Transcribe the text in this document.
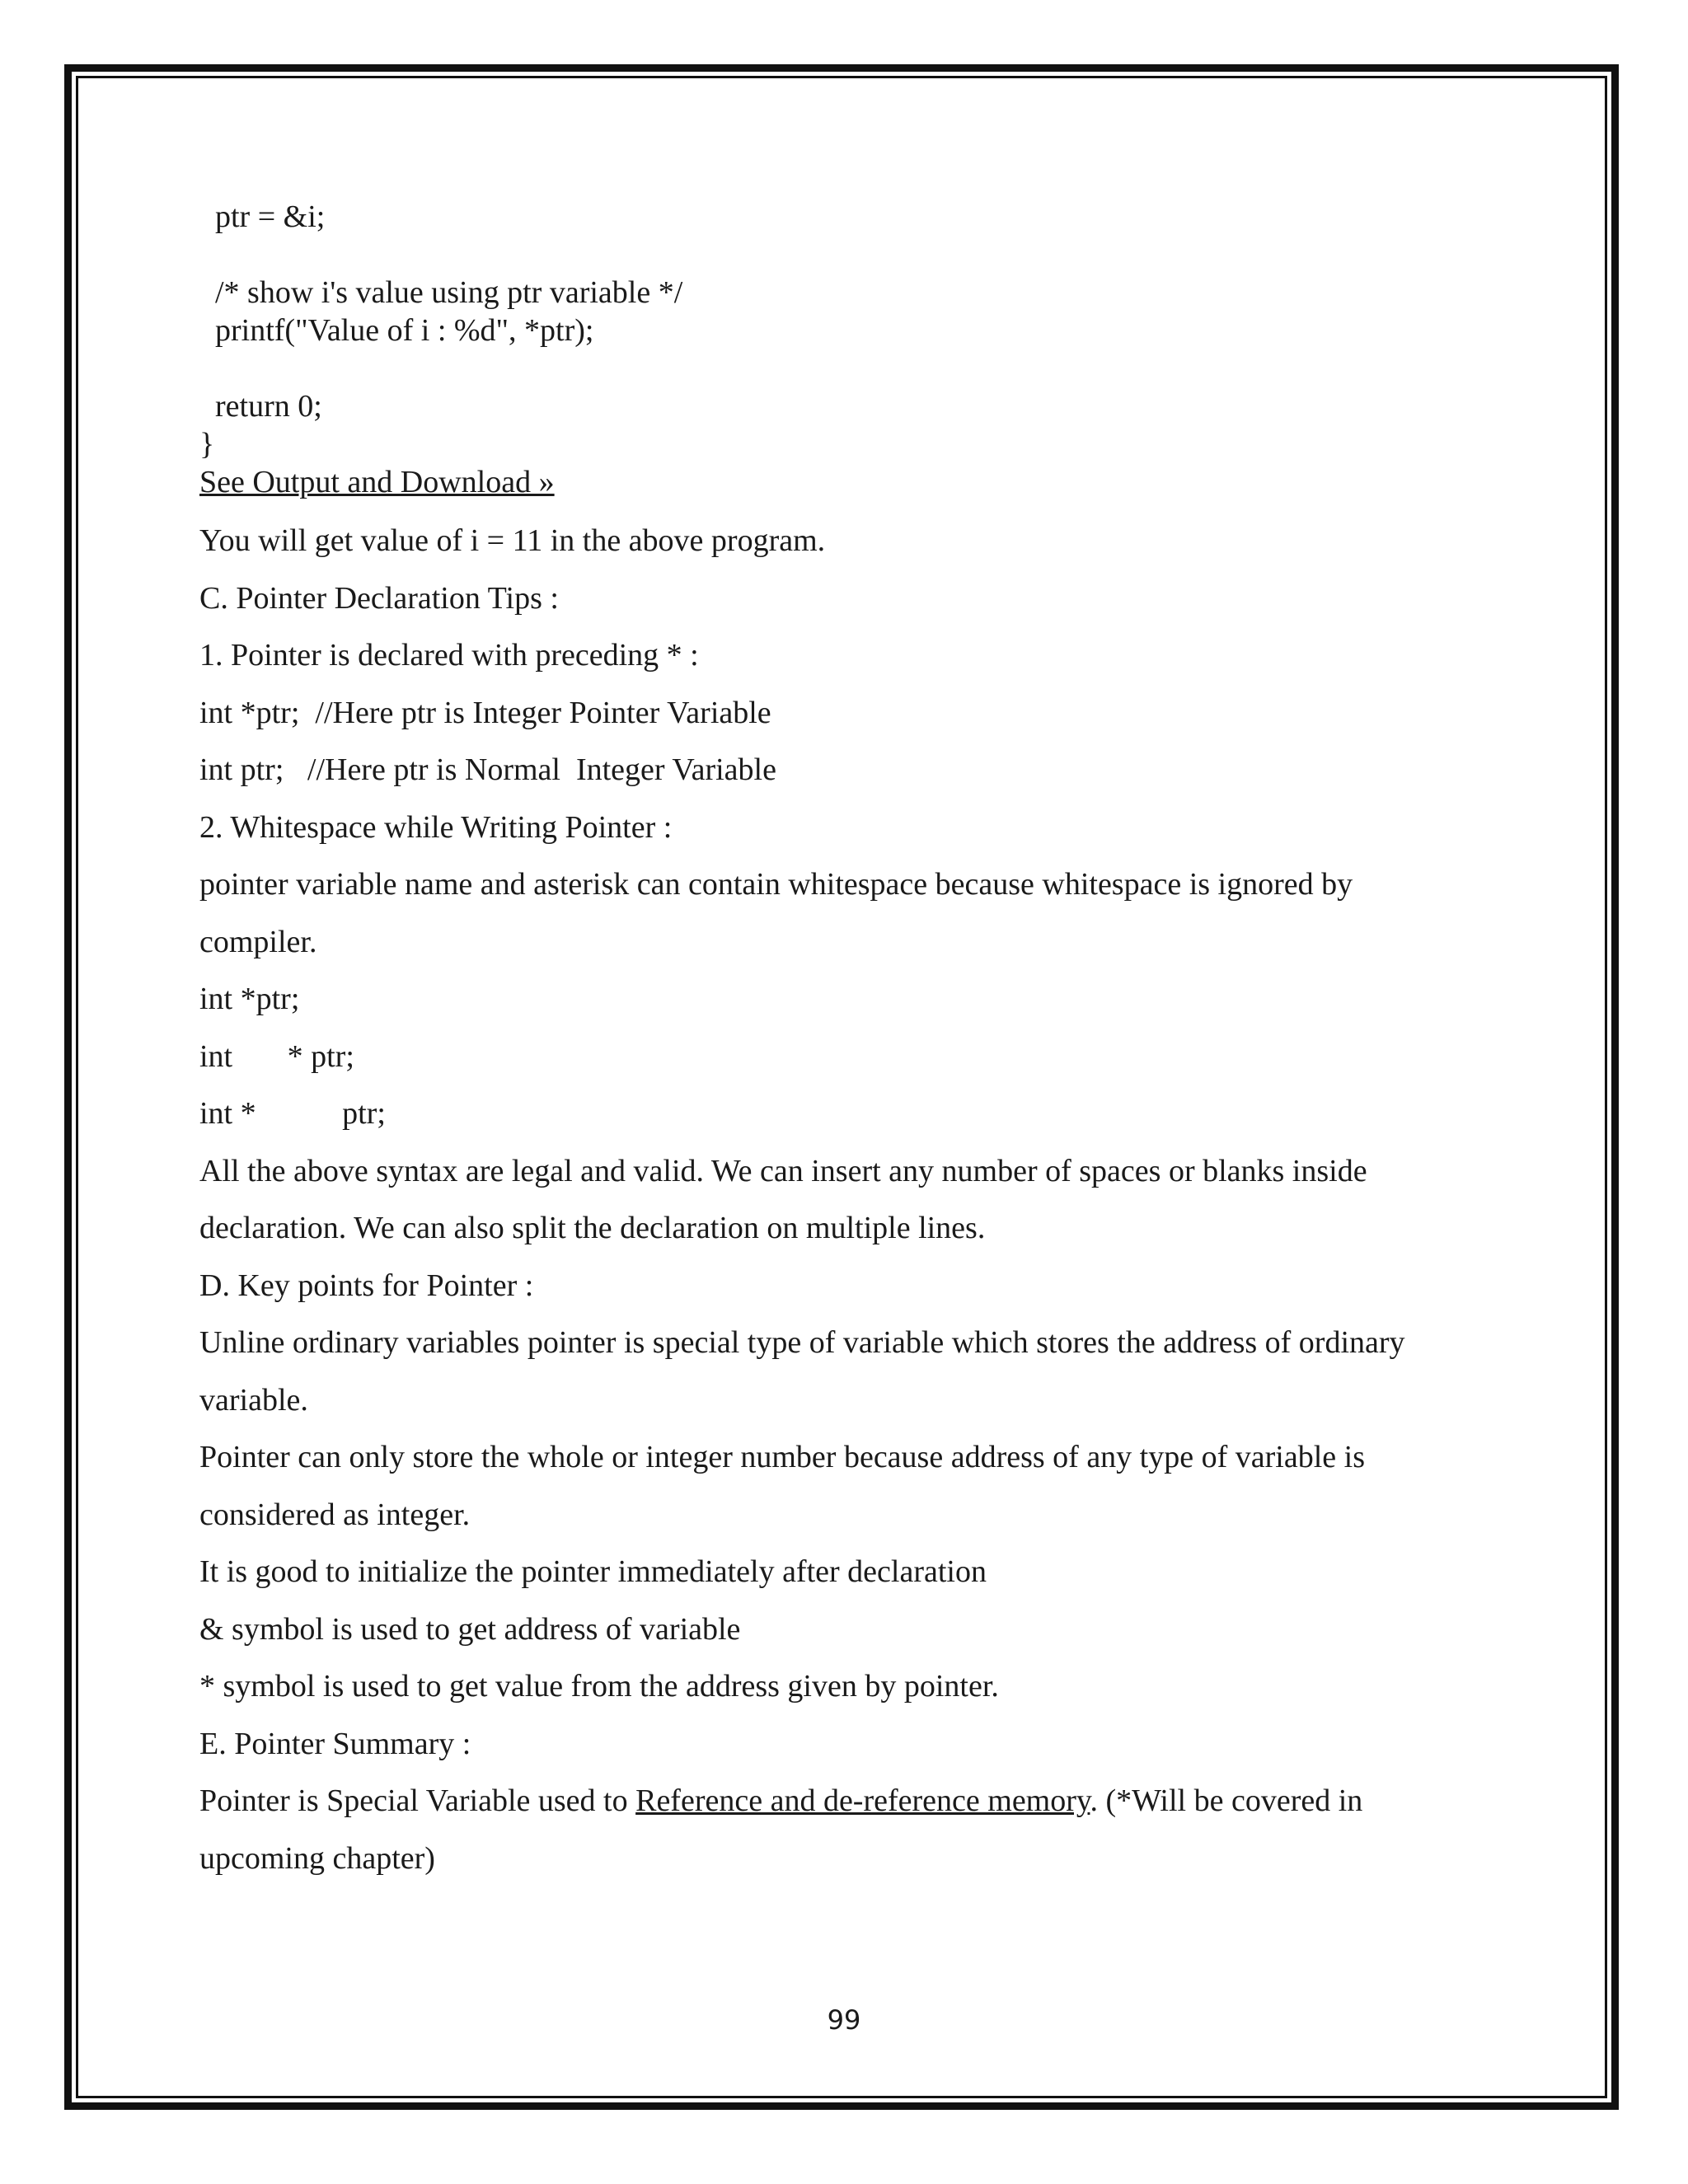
ptr = &i;
/* show i's value using ptr variable */
printf("Value of i : %d", *ptr);
return 0;
}
See Output and Download »
You will get value of i = 11 in the above program.
C. Pointer Declaration Tips :
1. Pointer is declared with preceding * :
int *ptr;  //Here ptr is Integer Pointer Variable
int ptr;   //Here ptr is Normal  Integer Variable
2. Whitespace while Writing Pointer :
pointer variable name and asterisk can contain whitespace because whitespace is ignored by
compiler.
int *ptr;
int       * ptr;
int *           ptr;
All the above syntax are legal and valid. We can insert any number of spaces or blanks inside
declaration. We can also split the declaration on multiple lines.
D. Key points for Pointer :
Unline ordinary variables pointer is special type of variable which stores the address of ordinary
variable.
Pointer can only store the whole or integer number because address of any type of variable is
considered as integer.
It is good to initialize the pointer immediately after declaration
& symbol is used to get address of variable
* symbol is used to get value from the address given by pointer.
E. Pointer Summary :
Pointer is Special Variable used to Reference and de-reference memory. (*Will be covered in
upcoming chapter)
99
